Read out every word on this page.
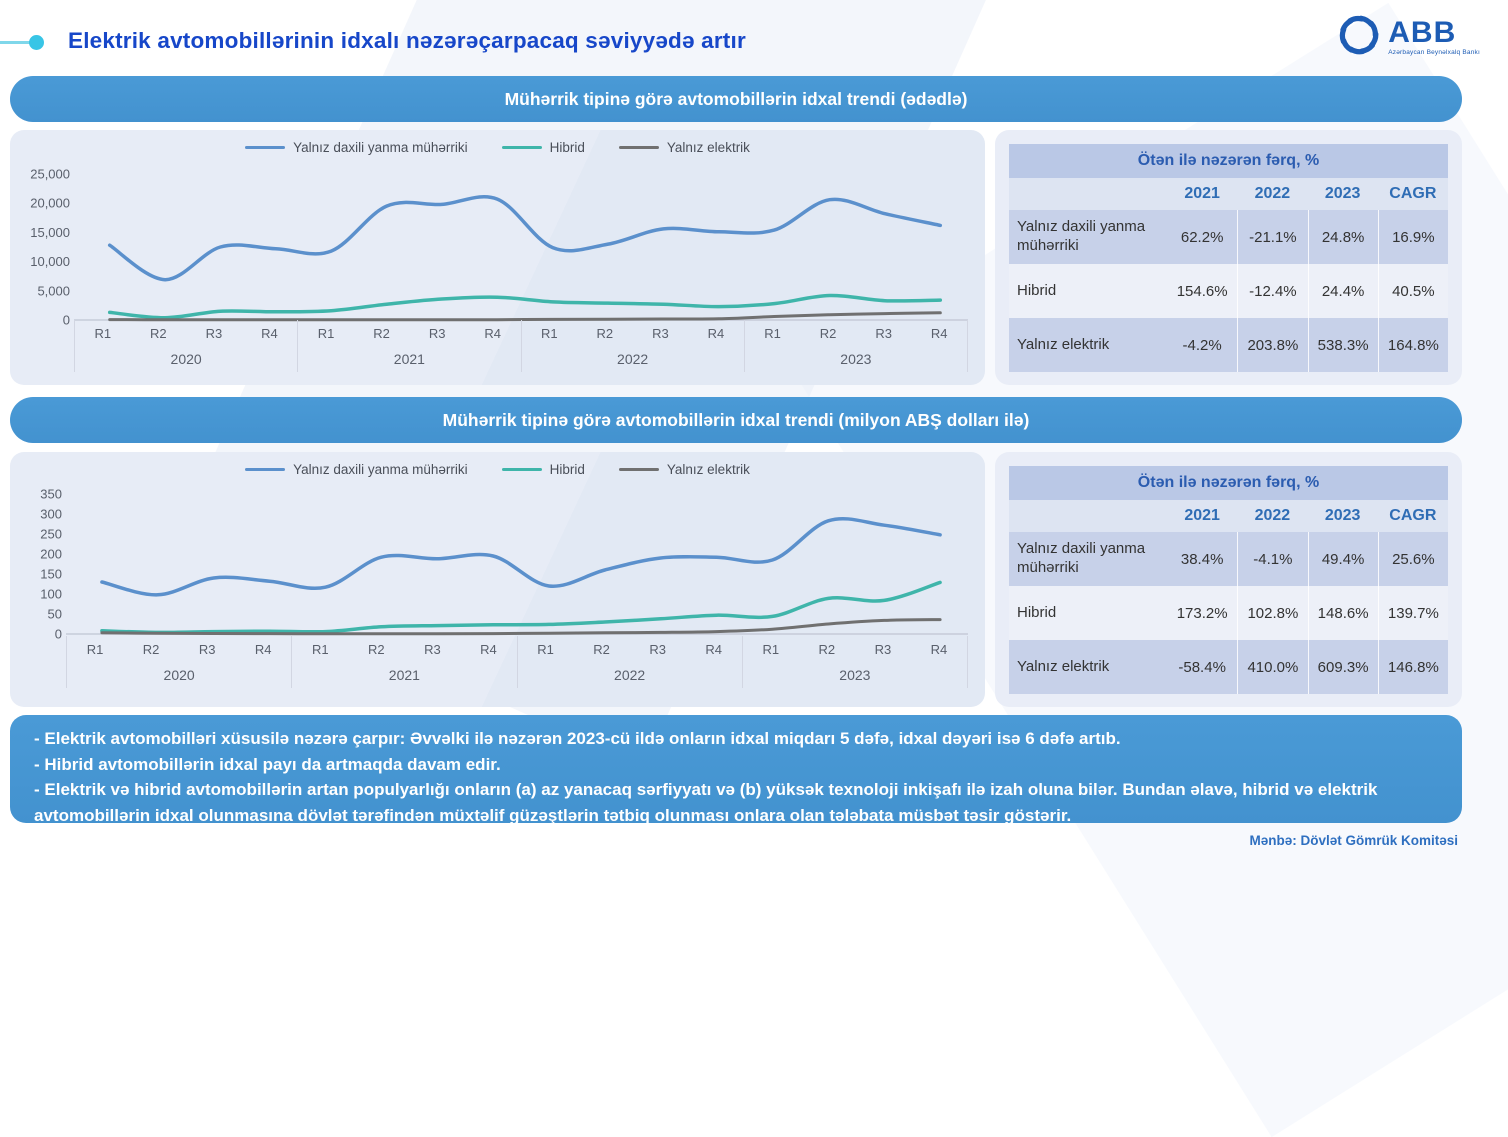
Elektrik avtomobillərinin idxalı nəzərəçarpacaq səviyyədə artır	ABB
Azərbaycan Beynəlxalq Bankı
Mühərrik tipinə görə avtomobillərin idxal trendi (ədədlə)
Yalnız daxili yanma mühərriki	Hibrid	Yalnız elektrik
0
5,000
10,000
15,000
20,000
25,000
R1	R2	R3	R4
2020
R1	R2	R3	R4
2021
R1	R2	R3	R4
2022
R1	R2	R3	R4
2023
Ötən ilə nəzərən fərq, %
2021	2022	2023	CAGR
Yalnız daxili yanma mühərriki	62.2%	-21.1%	24.8%	16.9%
Hibrid	154.6%	-12.4%	24.4%	40.5%
Yalnız elektrik	-4.2%	203.8%	538.3%	164.8%
Mühərrik tipinə görə avtomobillərin idxal trendi (milyon ABŞ dolları ilə)
Yalnız daxili yanma mühərriki	Hibrid	Yalnız elektrik
0
50
100
150
200
250
300
350
R1	R2	R3	R4
2020
R1	R2	R3	R4
2021
R1	R2	R3	R4
2022
R1	R2	R3	R4
2023
Ötən ilə nəzərən fərq, %
2021	2022	2023	CAGR
Yalnız daxili yanma mühərriki	38.4%	-4.1%	49.4%	25.6%
Hibrid	173.2%	102.8%	148.6%	139.7%
Yalnız elektrik	-58.4%	410.0%	609.3%	146.8%
- Elektrik avtomobilləri xüsusilə nəzərə çarpır: Əvvəlki ilə nəzərən 2023-cü ildə onların idxal miqdarı 5 dəfə, idxal dəyəri isə 6 dəfə artıb.
- Hibrid avtomobillərin idxal payı da artmaqda davam edir.
- Elektrik və hibrid avtomobillərin artan populyarlığı onların (a) az yanacaq sərfiyyatı və (b) yüksək texnoloji inkişafı ilə izah oluna bilər. Bundan əlavə, hibrid və elektrik avtomobillərin idxal olunmasına dövlət tərəfindən müxtəlif güzəştlərin tətbiq olunması onlara olan tələbata müsbət təsir göstərir.
Mənbə: Dövlət Gömrük Komitəsi
